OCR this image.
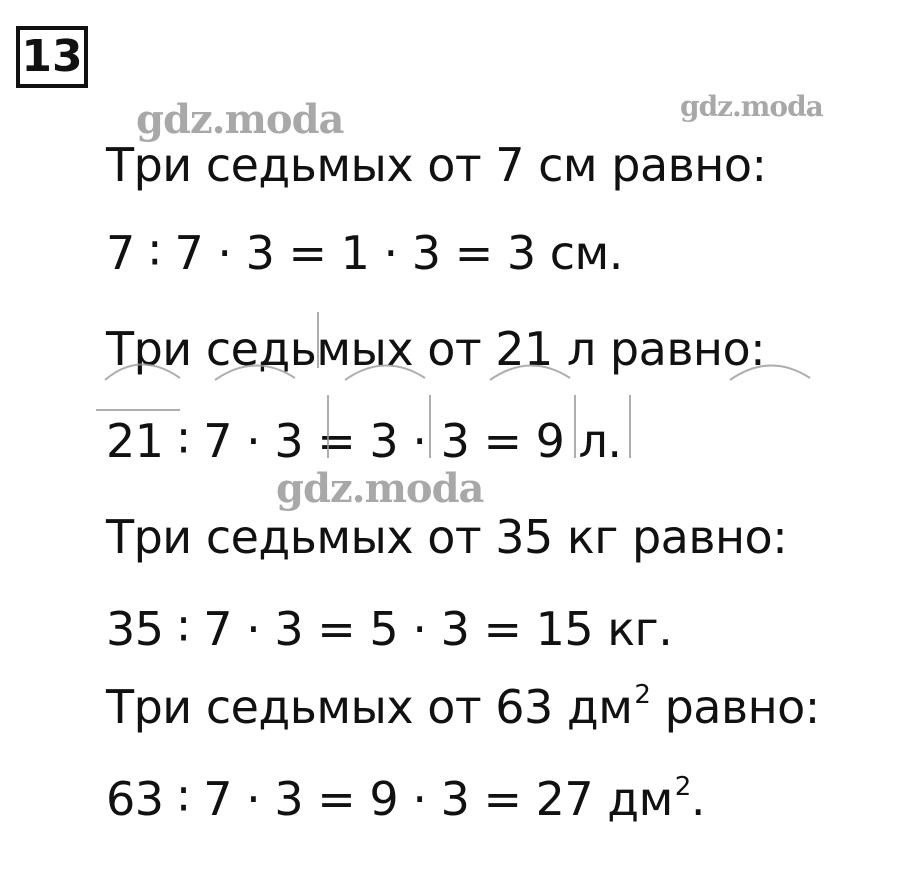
13
gdz.moda	gdz.moda
Три седьмых от 7 см равно:
7 ∶ 7 · 3 = 1 · 3 = 3 см.
Три седьмых от 21 л равно:
21 ∶ 7 · 3 = 3 · 3 = 9 л.
gdz.moda
Три седьмых от 35 кг равно:
35 ∶ 7 · 3 = 5 · 3 = 15 кг.
Три седьмых от 63 $дм^2$ равно:
63 ∶ 7 · 3 = 9 · 3 = 27 $дм^2$.
